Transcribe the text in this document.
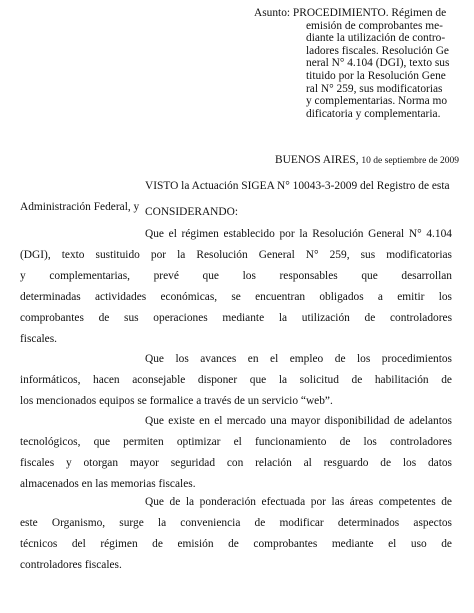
Asunto: PROCEDIMIENTO. Régimen de
emisión de comprobantes me-
diante la utilización de contro-
ladores fiscales. Resolución Ge
neral N° 4.104 (DGI), texto sus
tituido por la Resolución Gene
ral N° 259, sus modificatorias
y complementarias. Norma mo
dificatoria y complementaria.
BUENOS AIRES, 10 de septiembre de 2009
VISTO la Actuación SIGEA N° 10043-3-2009 del Registro de esta
Administración Federal, y CONSIDERANDO:
Que el régimen establecido por la Resolución General N° 4.104
(DGI), texto sustituido por la Resolución General N° 259, sus modificatorias
y complementarias, prevé que los responsables que desarrollan
determinadas actividades económicas, se encuentran obligados a emitir los
comprobantes de sus operaciones mediante la utilización de controladores
fiscales.
Que los avances en el empleo de los procedimientos
informáticos, hacen aconsejable disponer que la solicitud de habilitación de
los mencionados equipos se formalice a través de un servicio “web”.
Que existe en el mercado una mayor disponibilidad de adelantos
tecnológicos, que permiten optimizar el funcionamiento de los controladores
fiscales y otorgan mayor seguridad con relación al resguardo de los datos
almacenados en las memorias fiscales.
Que de la ponderación efectuada por las áreas competentes de
este Organismo, surge la conveniencia de modificar determinados aspectos
técnicos del régimen de emisión de comprobantes mediante el uso de
controladores fiscales.
